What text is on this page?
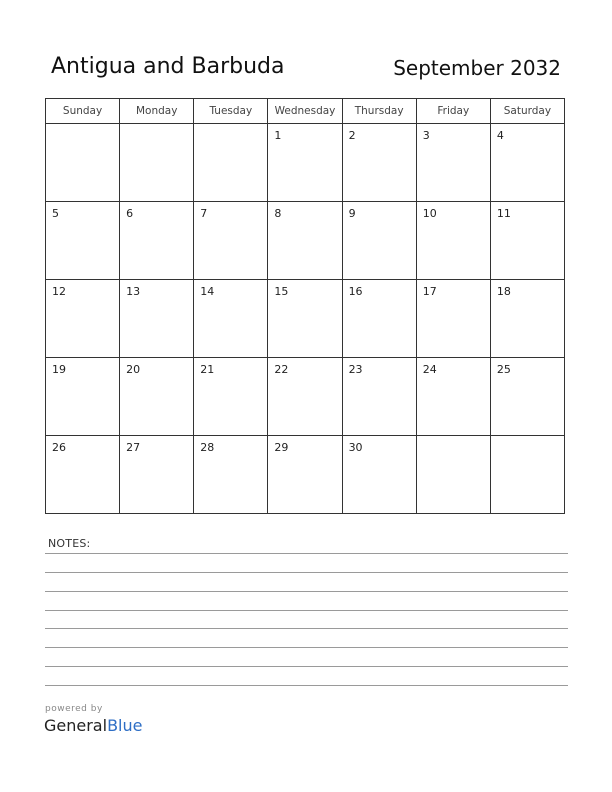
Antigua and Barbuda	September 2032
Sunday	Monday	Tuesday	Wednesday	Thursday	Friday	Saturday

			1	2	3	4

5	6	7	8	9	10	11

12	13	14	15	16	17	18

19	20	21	22	23	24	25

26	27	28	29	30		

NOTES:
powered by
GeneralBlue
